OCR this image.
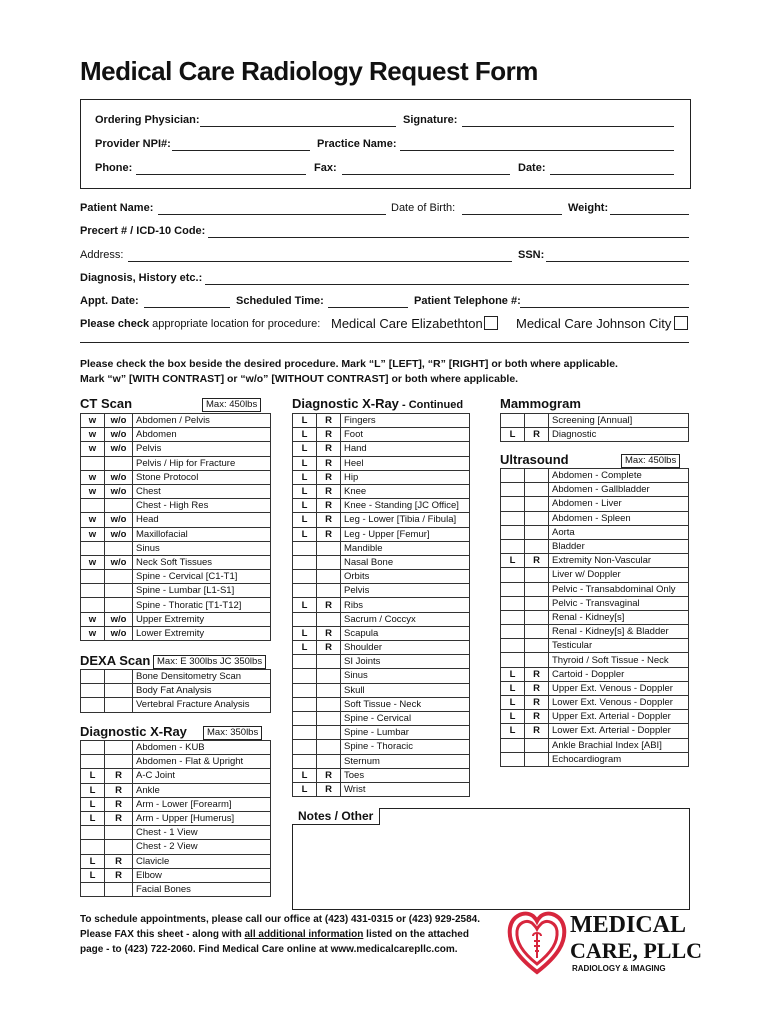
Medical Care Radiology Request Form
Ordering Physician:	Signature:
Provider NPI#:	Practice Name:
Phone:	Fax:	Date:
Patient Name:	Date of Birth:	Weight:
Precert # / ICD-10 Code:
Address:	SSN:
Diagnosis, History etc.:
Appt. Date:	Scheduled Time:	Patient Telephone #:
Please check appropriate location for procedure: Medical Care Elizabethton	Medical Care Johnson City
Please check the box beside the desired procedure. Mark “L” [LEFT], “R” [RIGHT] or both where applicable.
Mark “w” [WITH CONTRAST] or “w/o” [WITHOUT CONTRAST] or both where applicable.
CT Scan	Max: 450lbs
w	w/o	Abdomen / Pelvis
w	w/o	Abdomen
w	w/o	Pelvis
		Pelvis / Hip for Fracture
w	w/o	Stone Protocol
w	w/o	Chest
		Chest - High Res
w	w/o	Head
w	w/o	Maxillofacial
		Sinus
w	w/o	Neck Soft Tissues
		Spine - Cervical [C1-T1]
		Spine - Lumbar [L1-S1]
		Spine - Thoratic [T1-T12]
w	w/o	Upper Extremity
w	w/o	Lower Extremity
DEXA Scan Max: E 300lbs JC 350lbs
		Bone Densitometry Scan
		Body Fat Analysis
		Vertebral Fracture Analysis
Diagnostic X-Ray	Max: 350lbs
		Abdomen - KUB
		Abdomen - Flat & Upright
L	R	A-C Joint
L	R	Ankle
L	R	Arm - Lower [Forearm]
L	R	Arm - Upper [Humerus]
		Chest - 1 View
		Chest - 2 View
L	R	Clavicle
L	R	Elbow
		Facial Bones
Diagnostic X-Ray - Continued
L	R	Fingers
L	R	Foot
L	R	Hand
L	R	Heel
L	R	Hip
L	R	Knee
L	R	Knee - Standing [JC Office]
L	R	Leg - Lower [Tibia / Fibula]
L	R	Leg - Upper [Femur]
		Mandible
		Nasal Bone
		Orbits
		Pelvis
L	R	Ribs
		Sacrum / Coccyx
L	R	Scapula
L	R	Shoulder
		SI Joints
		Sinus
		Skull
		Soft Tissue - Neck
		Spine - Cervical
		Spine - Lumbar
		Spine - Thoracic
		Sternum
L	R	Toes
L	R	Wrist
Mammogram
		Screening [Annual]
L	R	Diagnostic
Ultrasound	Max: 450lbs
		Abdomen - Complete
		Abdomen - Gallbladder
		Abdomen - Liver
		Abdomen - Spleen
		Aorta
		Bladder
L	R	Extremity Non-Vascular
		Liver w/ Doppler
		Pelvic - Transabdominal Only
		Pelvic - Transvaginal
		Renal - Kidney[s]
		Renal - Kidney[s] & Bladder
		Testicular
		Thyroid / Soft Tissue - Neck
L	R	Cartoid - Doppler
L	R	Upper Ext. Venous - Doppler
L	R	Lower Ext. Venous - Doppler
L	R	Upper Ext. Arterial - Doppler
L	R	Lower Ext. Arterial - Doppler
		Ankle Brachial Index [ABI]
		Echocardiogram
Notes / Other
To schedule appointments, please call our office at (423) 431-0315 or (423) 929-2584.
Please FAX this sheet - along with all additional information listed on the attached
page - to (423) 722-2060. Find Medical Care online at www.medicalcarepllc.com.
MEDICAL
CARE, PLLC
RADIOLOGY & IMAGING
